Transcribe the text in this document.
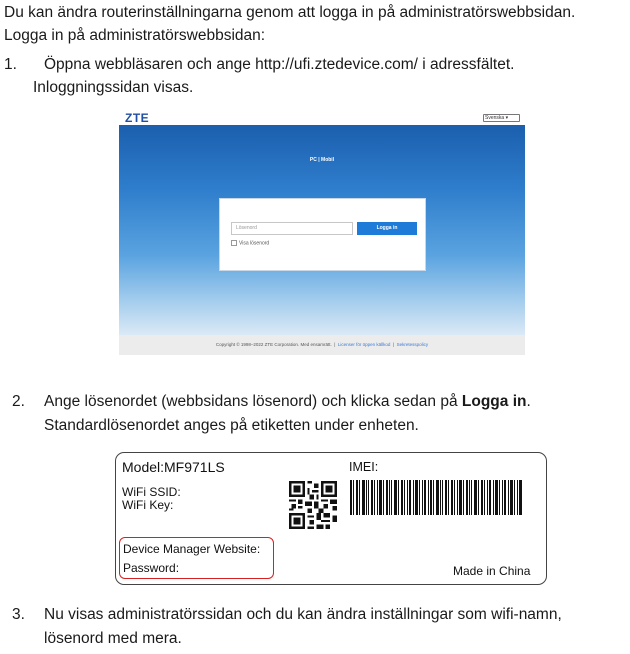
Du kan ändra routerinställningarna genom att logga in på administratörswebbsidan.
Logga in på administratörswebbsidan:
1. Öppna webbläsaren och ange http://ufi.ztedevice.com/ i adressfältet.
Inloggningssidan visas.
ZTE	Svenska ▾
PC | Mobil
Lösenord	Logga in
Visa lösenord
Copyright © 1998–2022 ZTE Corporation. Med ensamrätt. | Licenser för öppen källkod | Sekretesspolicy
2. Ange lösenordet (webbsidans lösenord) och klicka sedan på Logga in.
Standardlösenordet anges på etiketten under enheten.
Model:MF971LS	IMEI:
WiFi SSID:
WiFi Key:
Device Manager Website:
Password:	Made in China
3. Nu visas administratörssidan och du kan ändra inställningar som wifi-namn,
lösenord med mera.
